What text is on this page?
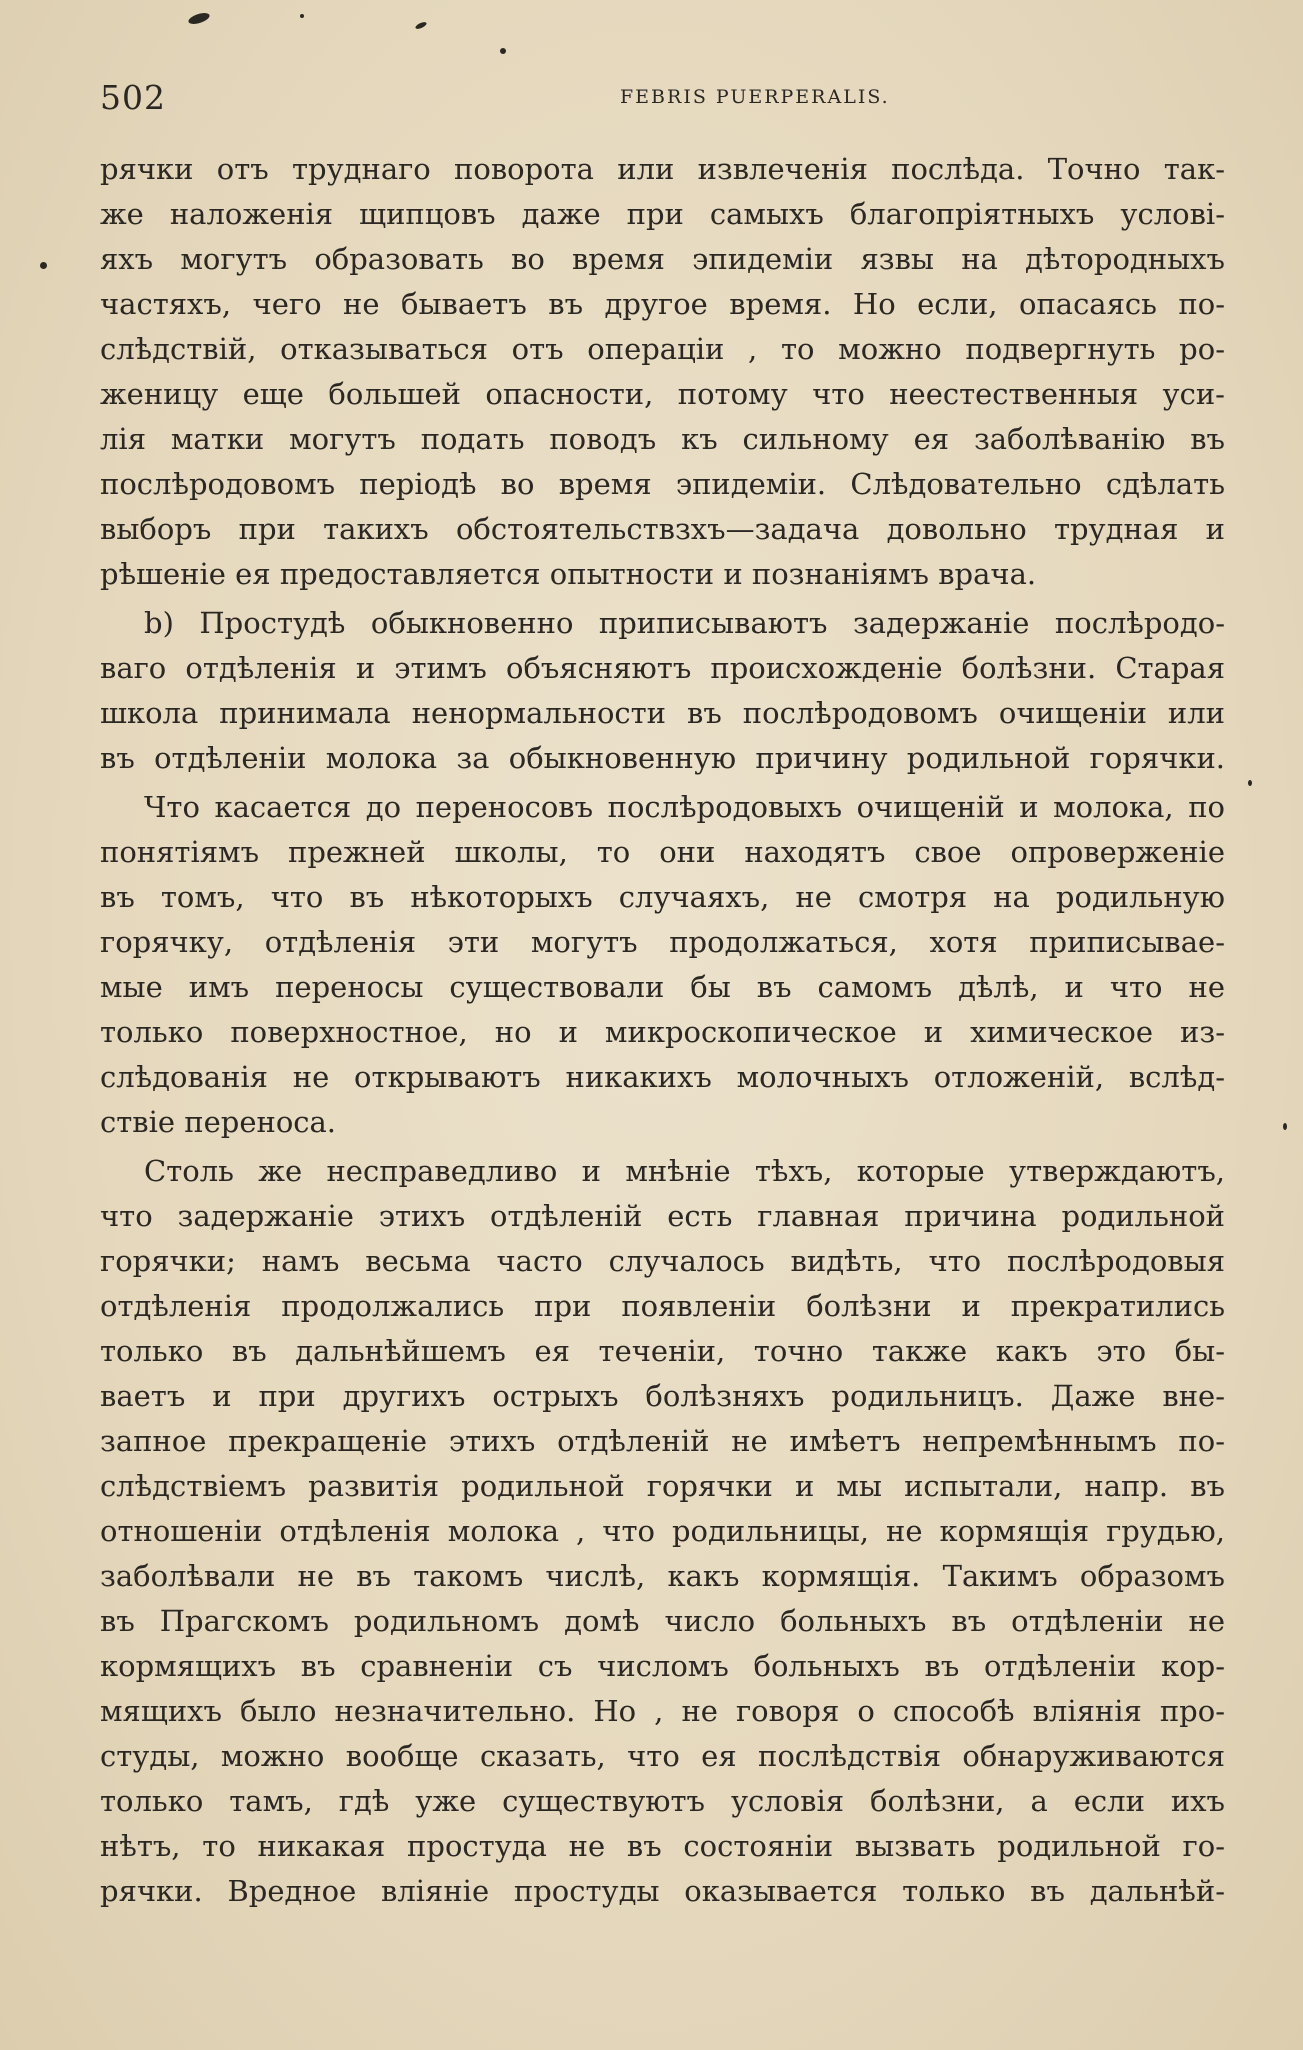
502	FEBRIS PUERPERALIS.
рячки отъ труднаго поворота или извлеченія послѣда. Точно так-
же наложенія щипцовъ даже при самыхъ благопріятныхъ условi-
яхъ могутъ образовать во время эпидеміи язвы на дѣтородныхъ
частяхъ, чего не бываетъ въ другое время. Но если, опасаясь по-
слѣдствій, отказываться отъ операціи , то можно подвергнуть ро-
женицу еще большей опасности, потому что неестественныя уси-
лія матки могутъ подать поводъ къ сильному ея заболѣванію въ
послѣродовомъ періодѣ во время эпидеміи. Слѣдовательно сдѣлать
выборъ при такихъ обстоятельствзхъ—задача довольно трудная и
рѣшеніе ея предоставляется опытности и познаніямъ врача.
b) Простудѣ обыкновенно приписываютъ задержаніе послѣродо-
ваго отдѣленія и этимъ объясняютъ происхожденіе болѣзни. Старая
школа принимала ненормальности въ послѣродовомъ очищеніи или
въ отдѣленіи молока за обыкновенную причину родильной горячки.
Что касается до переносовъ послѣродовыхъ очищеній и молока, по
понятіямъ прежней школы, то они находятъ свое опроверженіе
въ томъ, что въ нѣкоторыхъ случаяхъ, не смотря на родильную
горячку, отдѣленія эти могутъ продолжаться, хотя приписывае-
мые имъ переносы существовали бы въ самомъ дѣлѣ, и что не
только поверхностное, но и микроскопическое и химическое из-
слѣдованія не открываютъ никакихъ молочныхъ отложеній, вслѣд-
ствіе переноса.
Столь же несправедливо и мнѣніе тѣхъ, которые утверждаютъ,
что задержаніе этихъ отдѣленій есть главная причина родильной
горячки; намъ весьма часто случалось видѣть, что послѣродовыя
отдѣленія продолжались при появленіи болѣзни и прекратились
только въ дальнѣйшемъ ея теченіи, точно также какъ это бы-
ваетъ и при другихъ острыхъ болѣзняхъ родильницъ. Даже вне-
запное прекращеніе этихъ отдѣленій не имѣетъ непремѣннымъ по-
слѣдствіемъ развитія родильной горячки и мы испытали, напр. въ
отношеніи отдѣленія молока , что родильницы, не кормящія грудью,
заболѣвали не въ такомъ числѣ, какъ кормящія. Такимъ образомъ
въ Прагскомъ родильномъ домѣ число больныхъ въ отдѣленіи не
кормящихъ въ сравненіи съ числомъ больныхъ въ отдѣленіи кор-
мящихъ было незначительно. Но , не говоря о способѣ вліянія про-
студы, можно вообще сказать, что ея послѣдствія обнаруживаются
только тамъ, гдѣ уже существуютъ условія болѣзни, а если ихъ
нѣтъ, то никакая простуда не въ состояніи вызвать родильной го-
рячки. Вредное вліяніе простуды оказывается только въ дальнѣй-
